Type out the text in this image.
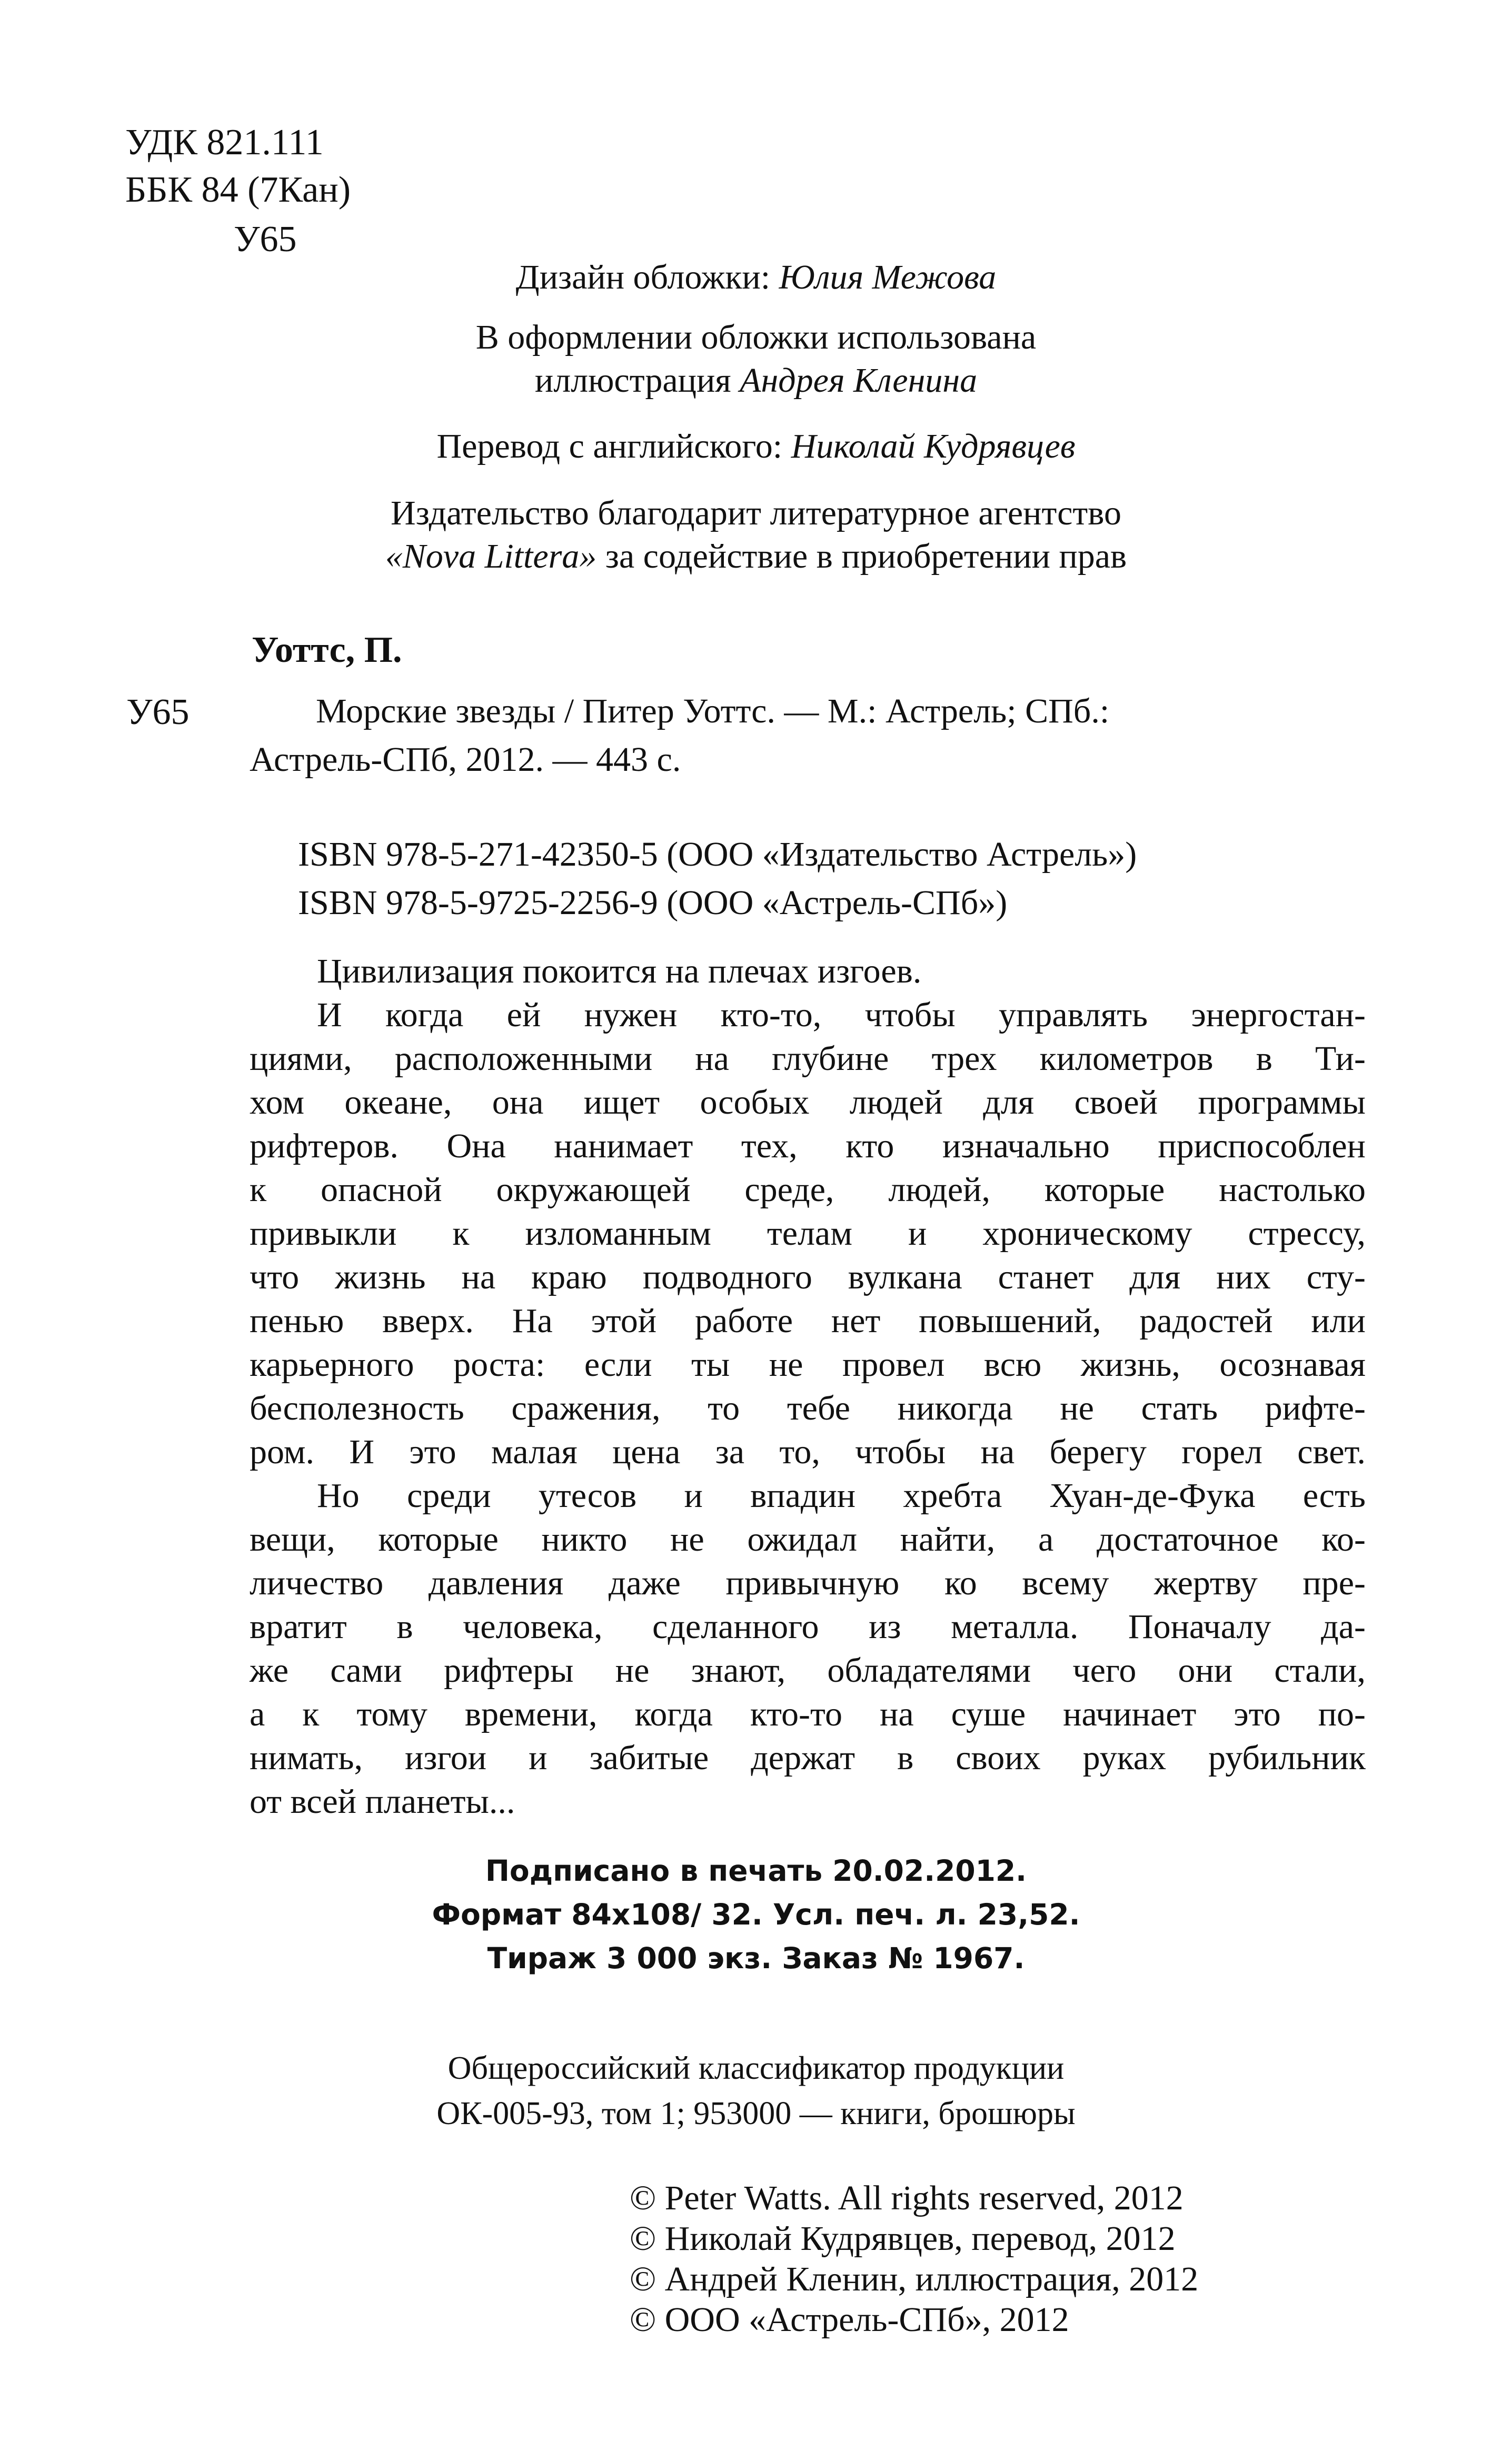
УДК 821.111
ББК 84 (7Кан)
У65
Дизайн обложки: Юлия Межова
В оформлении обложки использована
иллюстрация Андрея Кленина
Перевод с английского: Николай Кудрявцев
Издательство благодарит литературное агентство
«Nova Littera» за содействие в приобретении прав
Уоттс, П.
У65	Морские звезды / Питер Уоттс. — М.: Астрель; СПб.:
Астрель-СПб, 2012. — 443 с.
ISBN 978-5-271-42350-5 (ООО «Издательство Астрель»)
ISBN 978-5-9725-2256-9 (ООО «Астрель-СПб»)
Цивилизация покоится на плечах изгоев.
И когда ей нужен кто-то, чтобы управлять энергостан-
циями, расположенными на глубине трех километров в Ти-
хом океане, она ищет особых людей для своей программы
рифтеров. Она нанимает тех, кто изначально приспособлен
к опасной окружающей среде, людей, которые настолько
привыкли к изломанным телам и хроническому стрессу,
что жизнь на краю подводного вулкана станет для них сту-
пенью вверх. На этой работе нет повышений, радостей или
карьерного роста: если ты не провел всю жизнь, осознавая
бесполезность сражения, то тебе никогда не стать рифте-
ром. И это малая цена за то, чтобы на берегу горел свет.
Но среди утесов и впадин хребта Хуан-де-Фука есть
вещи, которые никто не ожидал найти, а достаточное ко-
личество давления даже привычную ко всему жертву пре-
вратит в человека, сделанного из металла. Поначалу да-
же сами рифтеры не знают, обладателями чего они стали,
а к тому времени, когда кто-то на суше начинает это по-
нимать, изгои и забитые держат в своих руках рубильник
от всей планеты...
Подписано в печать 20.02.2012.
Формат 84x108/ 32. Усл. печ. л. 23,52.
Тираж 3 000 экз. Заказ № 1967.
Общероссийский классификатор продукции
ОК-005-93, том 1; 953000 — книги, брошюры
© Peter Watts. All rights reserved, 2012
© Николай Кудрявцев, перевод, 2012
© Андрей Кленин, иллюстрация, 2012
© ООО «Астрель-СПб», 2012
